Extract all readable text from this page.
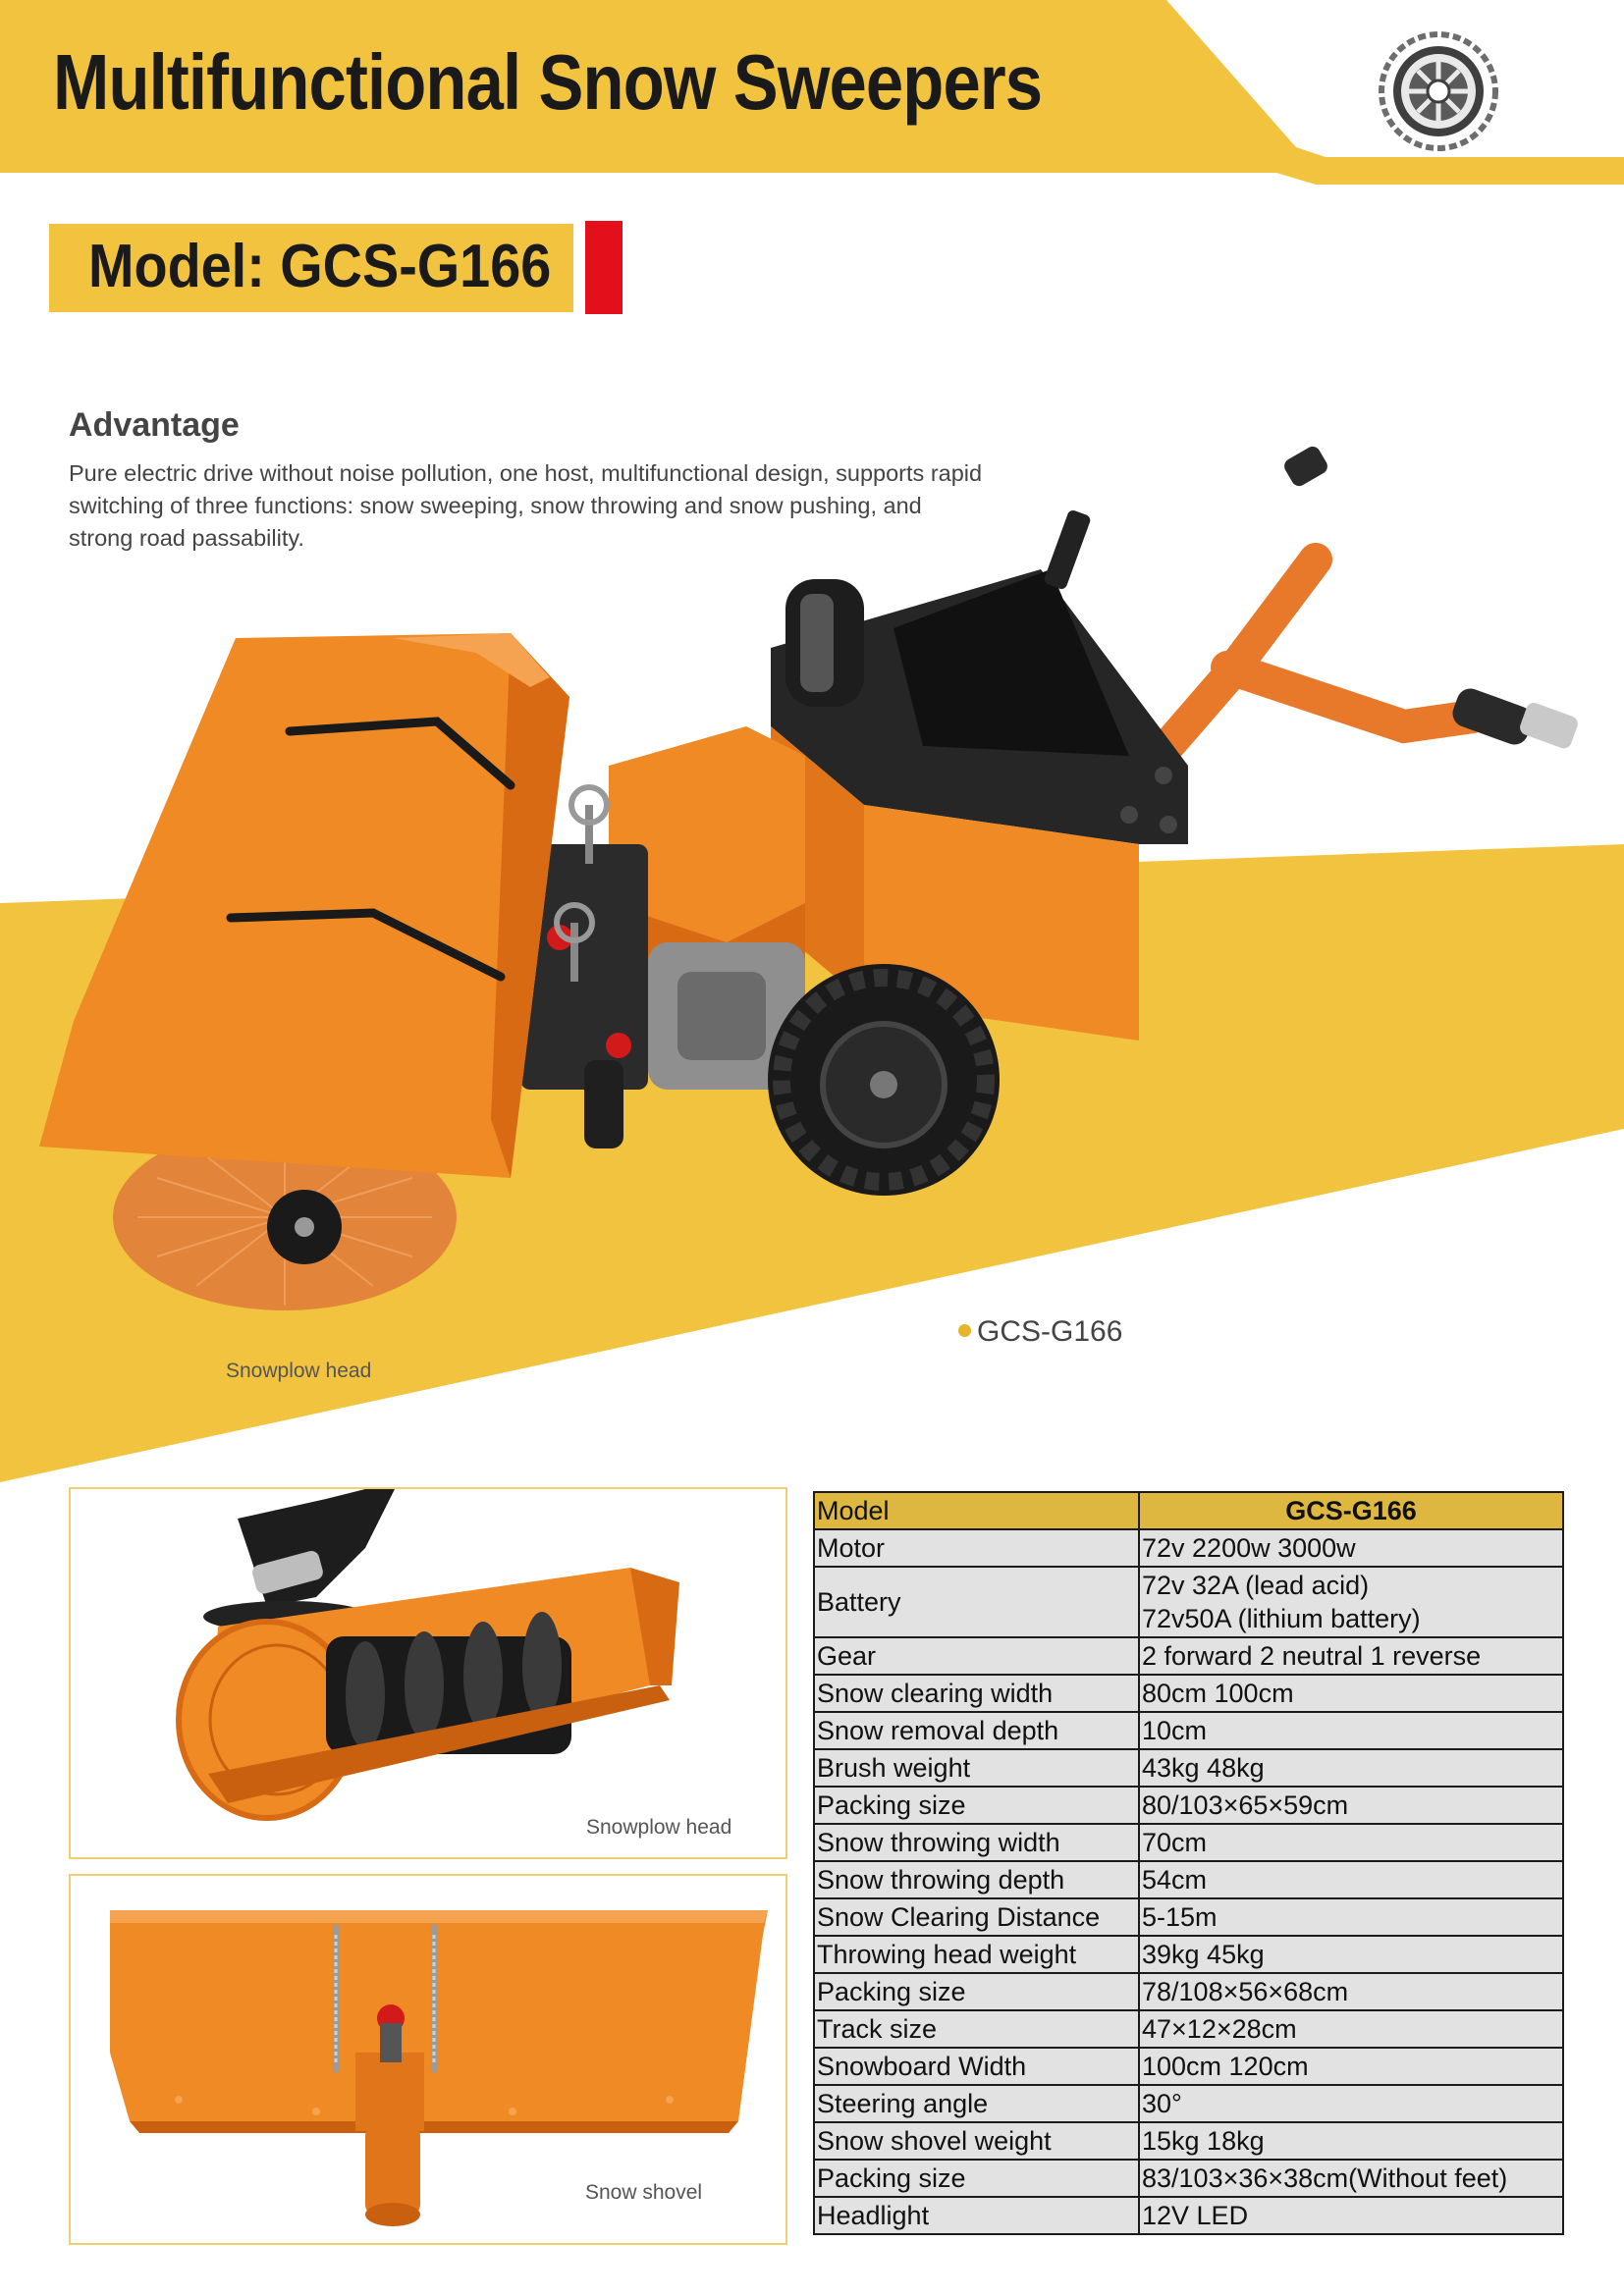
Multifunctional Snow Sweepers
Model: GCS-G166
Advantage
Pure electric drive without noise pollution, one host, multifunctional design, supports rapid switching of three functions: snow sweeping, snow throwing and snow pushing, and strong road passability.
Snowplow head
GCS-G166
Snowplow head
Snow shovel
Model	GCS-G166
Motor	72v 2200w 3000w
Battery	72v 32A (lead acid)
72v50A (lithium battery)

Gear	2 forward 2 neutral 1 reverse
Snow clearing width	80cm 100cm
Snow removal depth	10cm
Brush weight	43kg 48kg
Packing size	80/103×65×59cm
Snow throwing width	70cm
Snow throwing depth	54cm
Snow Clearing Distance	5-15m
Throwing head weight	39kg 45kg
Packing size	78/108×56×68cm
Track size	47×12×28cm
Snowboard Width	100cm 120cm
Steering angle	30°
Snow shovel weight	15kg 18kg
Packing size	83/103×36×38cm(Without feet)
Headlight	12V LED
